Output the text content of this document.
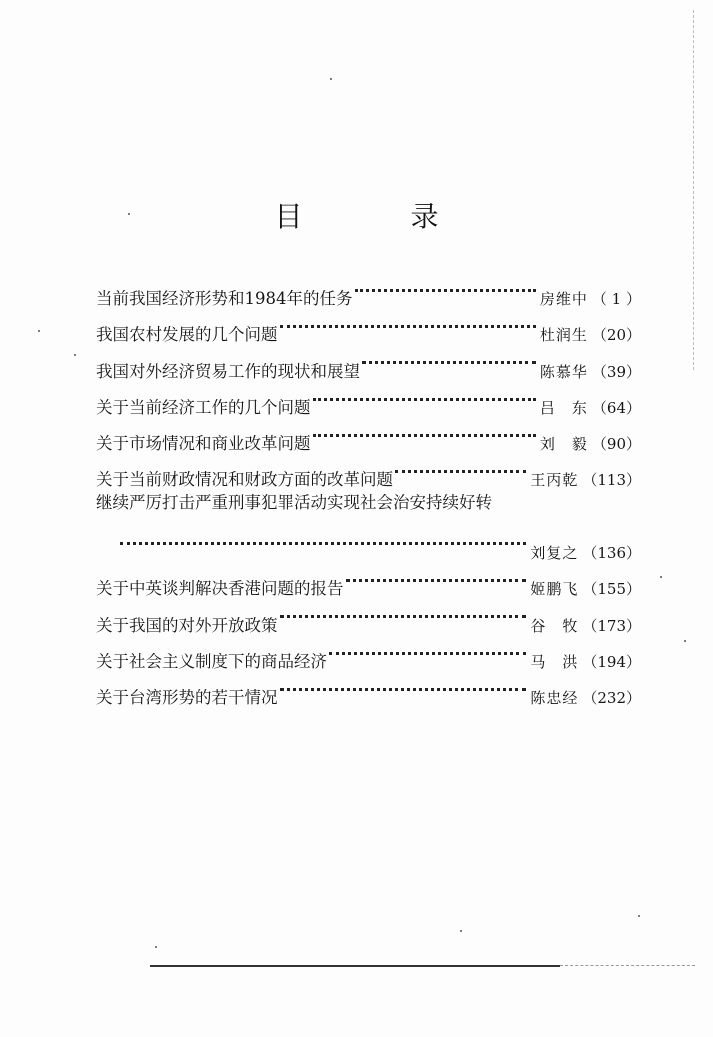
目　录
当前我国经济形势和1984年的任务	房维中 （ 1 ）
我国农村发展的几个问题	杜润生 （20）
我国对外经济贸易工作的现状和展望	陈慕华 （39）
关于当前经济工作的几个问题	吕　东 （64）
关于市场情况和商业改革问题	刘　毅 （90）
关于当前财政情况和财政方面的改革问题	王丙乾 （113）
继续严厉打击严重刑事犯罪活动实现社会治安持续好转
刘复之 （136）
关于中英谈判解决香港问题的报告	姬鹏飞 （155）
关于我国的对外开放政策	谷　牧 （173）
关于社会主义制度下的商品经济	马　洪 （194）
关于台湾形势的若干情况	陈忠经 （232）
